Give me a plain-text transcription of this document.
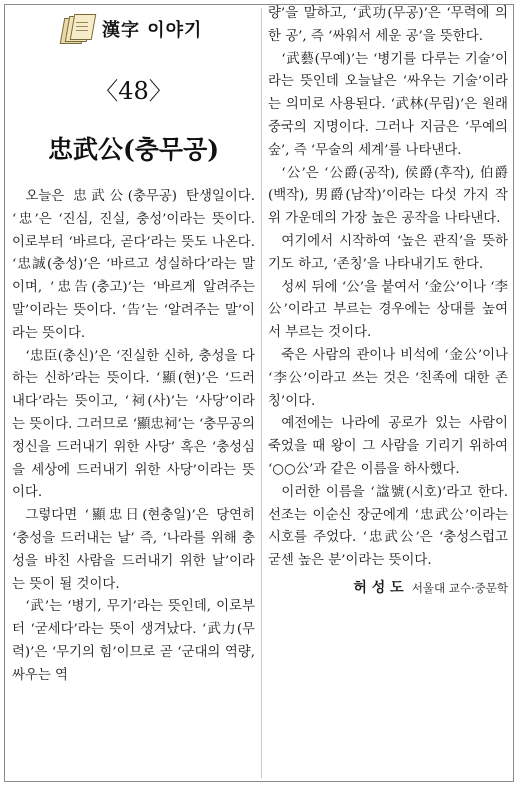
漢字 이야기
〈48〉
忠武公(충무공)

오늘은 忠武公(충무공) 탄생일이다. ‘忠’은 ‘진심, 진실, 충성’이라는 뜻이다. 이로부터 ‘바르다, 곧다’라는 뜻도 나온다. ‘忠誠(충성)’은 ‘바르고 성실하다’라는 말이며, ‘忠告(충고)’는 ‘바르게 알려주는 말’이라는 뜻이다. ‘告’는 ‘알려주는 말’이라는 뜻이다.

‘忠臣(충신)’은 ‘진실한 신하, 충성을 다하는 신하’라는 뜻이다. ‘顯(현)’은 ‘드러내다’라는 뜻이고, ‘祠(사)’는 ‘사당’이라는 뜻이다. 그러므로 ‘顯忠祠’는 ‘충무공의 정신을 드러내기 위한 사당’ 혹은 ‘충성심을 세상에 드러내기 위한 사당’이라는 뜻이다.

그렇다면 ‘顯忠日(현충일)’은 당연히 ‘충성을 드러내는 날’ 즉, ‘나라를 위해 충성을 바친 사람을 드러내기 위한 날’이라는 뜻이 될 것이다.

‘武’는 ‘병기, 무기’라는 뜻인데, 이로부터 ‘굳세다’라는 뜻이 생겨났다. ‘武力(무력)’은 ‘무기의 힘’이므로 곧 ‘군대의 역량, 싸우는 역

량’을 말하고, ‘武功(무공)’은 ‘무력에 의한 공’, 즉 ‘싸워서 세운 공’을 뜻한다.

‘武藝(무예)’는 ‘병기를 다루는 기술’이라는 뜻인데 오늘날은 ‘싸우는 기술’이라는 의미로 사용된다. ‘武林(무림)’은 원래 중국의 지명이다. 그러나 지금은 ‘무예의 숲’, 즉 ‘무술의 세계’를 나타낸다.

‘公’은 ‘公爵(공작), 侯爵(후작), 伯爵(백작), 男爵(남작)’이라는 다섯 가지 작위 가운데의 가장 높은 공작을 나타낸다.

여기에서 시작하여 ‘높은 관직’을 뜻하기도 하고, ‘존칭’을 나타내기도 한다.

성씨 뒤에 ‘公’을 붙여서 ‘金公’이나 ‘李公’이라고 부르는 경우에는 상대를 높여서 부르는 것이다.

죽은 사람의 관이나 비석에 ‘金公’이나 ‘李公’이라고 쓰는 것은 ‘친족에 대한 존칭’이다.

예전에는 나라에 공로가 있는 사람이 죽었을 때 왕이 그 사람을 기리기 위하여 ‘○○公’과 같은 이름을 하사했다.

이러한 이름을 ‘諡號(시호)’라고 한다. 선조는 이순신 장군에게 ‘忠武公’이라는 시호를 주었다. ‘忠武公’은 ‘충성스럽고 굳센 높은 분’이라는 뜻이다.

허 성 도 서울대 교수·중문학
